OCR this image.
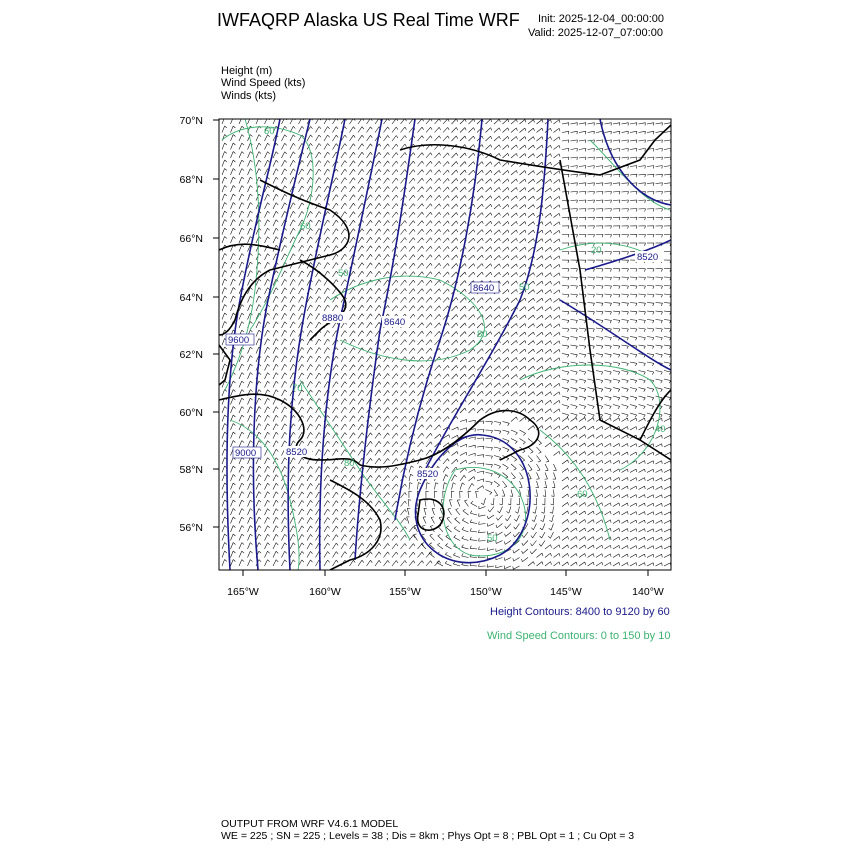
IWFAQRP Alaska US Real Time WRF Init: 2025-12-04_00:00:00
Valid: 2025-12-07_07:00:00
Height (m)
Wind Speed (kts)
Winds (kts)
8520
9600
8640
8880	8640
9000	8520
8520
60
60
50
80
20
70
50
80
50
60
40
70°N
68°N
66°N
64°N
62°N
60°N
58°N
56°N
165°W	160°W	155°W	150°W	145°W	140°W
Height Contours: 8400 to 9120 by 60
Wind Speed Contours: 0 to 150 by 10
OUTPUT FROM WRF V4.6.1 MODEL
WE = 225 ; SN = 225 ; Levels = 38 ; Dis = 8km ; Phys Opt = 8 ; PBL Opt = 1 ; Cu Opt = 3
